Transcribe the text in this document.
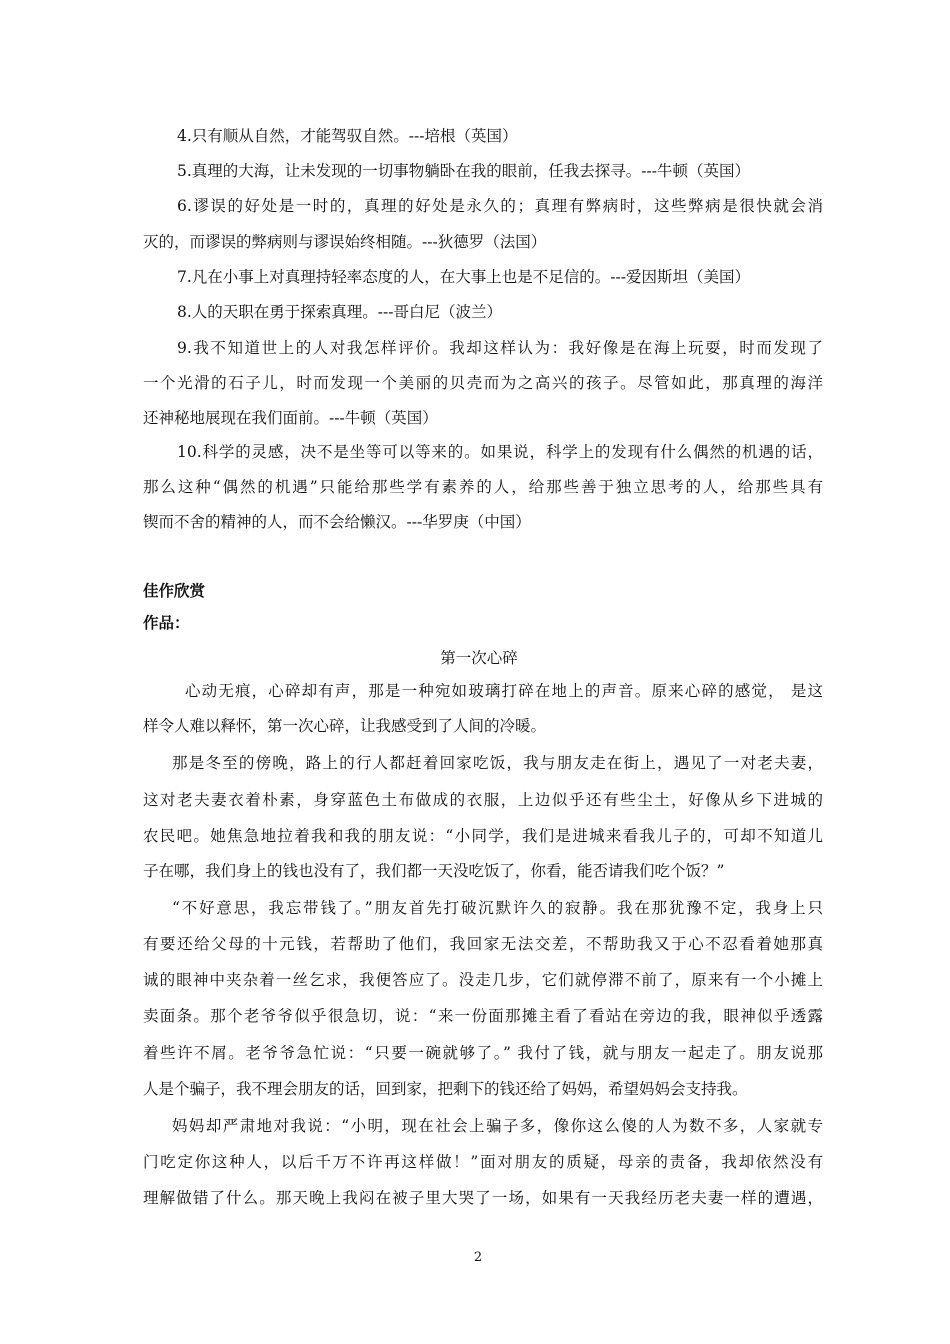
4.只有顺从自然，才能驾驭自然。---培根（英国）
5.真理的大海，让未发现的一切事物躺卧在我的眼前，任我去探寻。---牛顿（英国）
6.谬误的好处是一时的，真理的好处是永久的；真理有弊病时，这些弊病是很快就会消
灭的，而谬误的弊病则与谬误始终相随。---狄德罗（法国）
7.凡在小事上对真理持轻率态度的人，在大事上也是不足信的。---爱因斯坦（美国）
8.人的天职在勇于探索真理。---哥白尼（波兰）
9.我不知道世上的人对我怎样评价。我却这样认为：我好像是在海上玩耍，时而发现了
一个光滑的石子儿，时而发现一个美丽的贝壳而为之高兴的孩子。尽管如此，那真理的海洋
还神秘地展现在我们面前。---牛顿（英国）
10.科学的灵感，决不是坐等可以等来的。如果说，科学上的发现有什么偶然的机遇的话，
那么这种“偶然的机遇”只能给那些学有素养的人，给那些善于独立思考的人，给那些具有
锲而不舍的精神的人，而不会给懒汉。---华罗庚（中国）
佳作欣赏
作品：
第一次心碎
心动无痕，心碎却有声，那是一种宛如玻璃打碎在地上的声音。原来心碎的感觉， 是这
样令人难以释怀，第一次心碎，让我感受到了人间的冷暖。
那是冬至的傍晚，路上的行人都赶着回家吃饭，我与朋友走在街上，遇见了一对老夫妻，
这对老夫妻衣着朴素，身穿蓝色土布做成的衣服，上边似乎还有些尘土，好像从乡下进城的
农民吧。她焦急地拉着我和我的朋友说：“小同学，我们是进城来看我儿子的，可却不知道儿
子在哪，我们身上的钱也没有了，我们都一天没吃饭了，你看，能否请我们吃个饭？”
“不好意思，我忘带钱了。”朋友首先打破沉默许久的寂静。我在那犹豫不定，我身上只
有要还给父母的十元钱，若帮助了他们，我回家无法交差，不帮助我又于心不忍看着她那真
诚的眼神中夹杂着一丝乞求，我便答应了。没走几步，它们就停滞不前了，原来有一个小摊上
卖面条。那个老爷爷似乎很急切，说：“来一份面那摊主看了看站在旁边的我，眼神似乎透露
着些许不屑。老爷爷急忙说：“只要一碗就够了。” 我付了钱，就与朋友一起走了。朋友说那
人是个骗子，我不理会朋友的话，回到家，把剩下的钱还给了妈妈，希望妈妈会支持我。
妈妈却严肃地对我说：“小明，现在社会上骗子多，像你这么傻的人为数不多，人家就专
门吃定你这种人，以后千万不许再这样做！”面对朋友的质疑，母亲的责备，我却依然没有
理解做错了什么。那天晚上我闷在被子里大哭了一场，如果有一天我经历老夫妻一样的遭遇，
2
